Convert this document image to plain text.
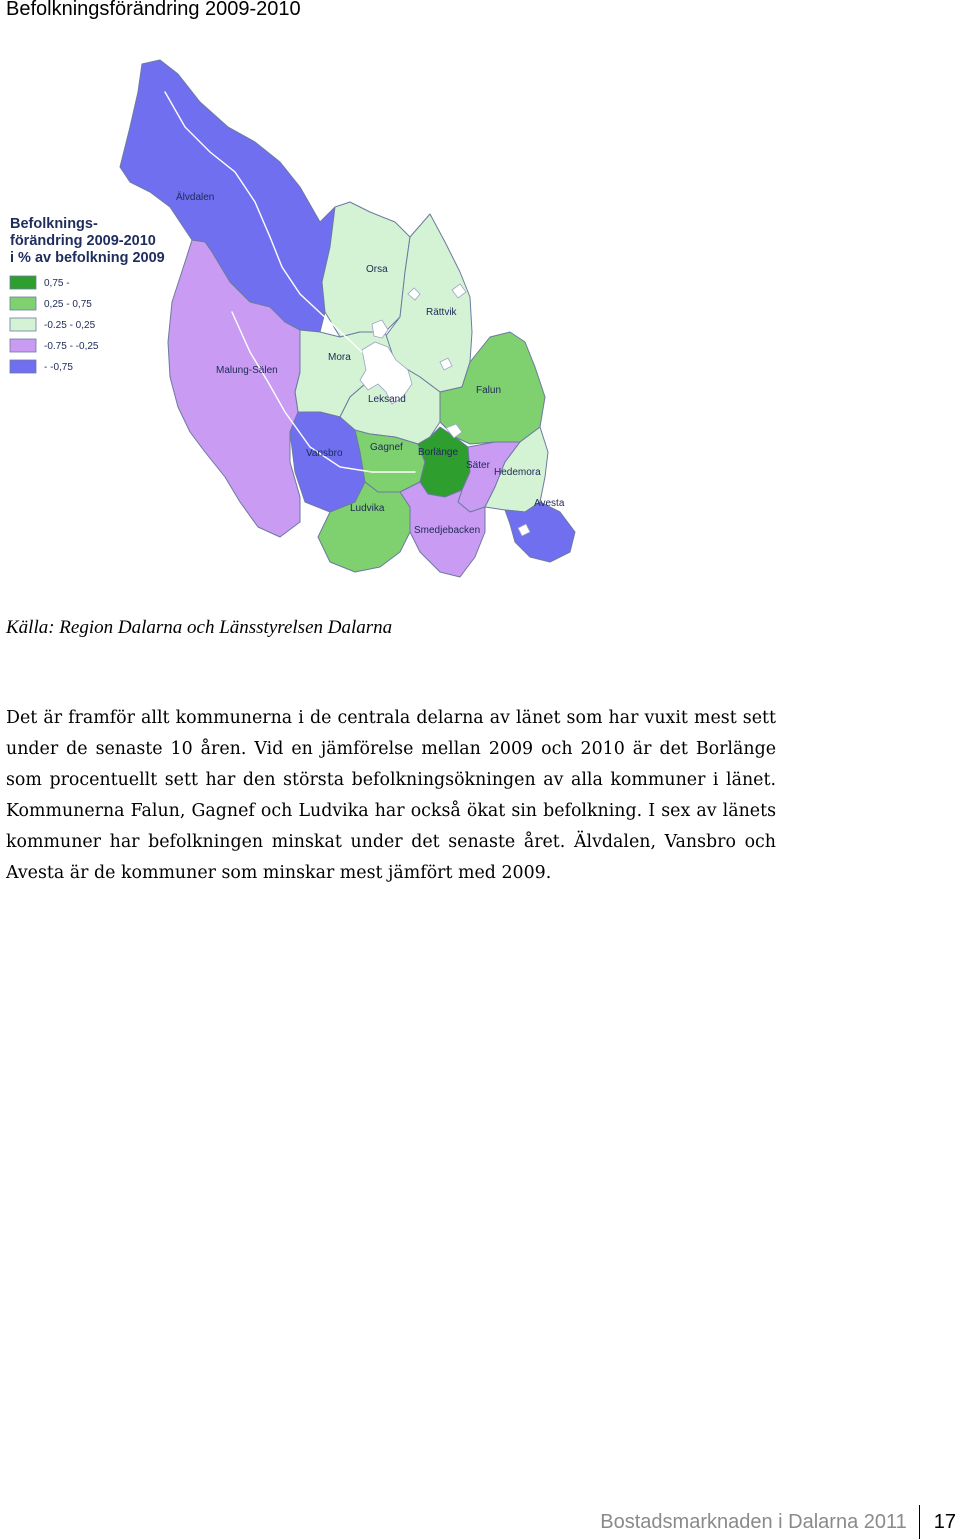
Befolkningsförändring 2009-2010
Älvdalen
Orsa
Rättvik
Mora
Malung-Sälen
Leksand
Falun
Vansbro
Gagnef Borlänge
Säter
Hedemora
Avesta
Ludvika
Smedjebacken
Befolknings-
förändring 2009-2010
i % av befolkning 2009
0,75 -
0,25 - 0,75
-0.25 - 0,25
-0.75 - -0,25
- -0,75
Källa: Region Dalarna och Länsstyrelsen Dalarna

Det är framför allt kommunerna i de centrala delarna av länet som har vuxit mest sett under de senaste 10 åren. Vid en jämförelse mellan 2009 och 2010 är det Borlänge som procentuellt sett har den största befolkningsökningen av alla kommuner i länet. Kommunerna Falun, Gagnef och Ludvika har också ökat sin befolkning. I sex av länets kommuner har befolkningen minskat under det senaste året. Älvdalen, Vansbro och Avesta är de kommuner som minskar mest jämfört med 2009.

Bostadsmarknaden i Dalarna 2011 17
